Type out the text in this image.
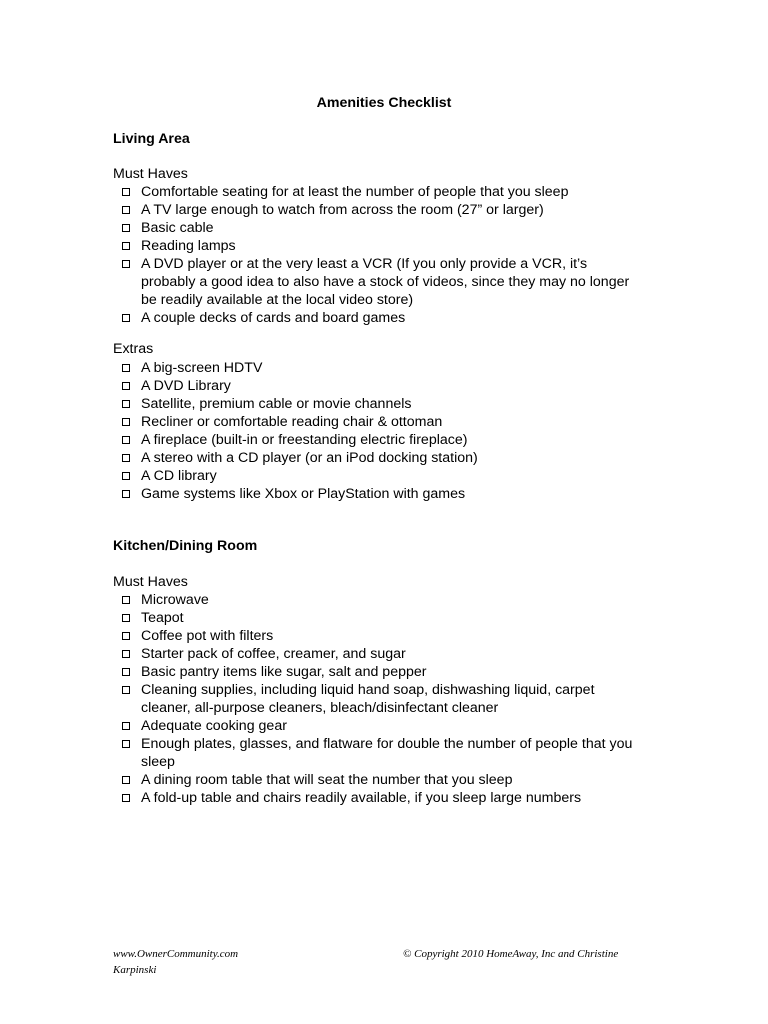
Amenities Checklist
Living Area
Must Haves
Comfortable seating for at least the number of people that you sleep
A TV large enough to watch from across the room (27” or larger)
Basic cable
Reading lamps
A DVD player or at the very least a VCR (If you only provide a VCR, it’s probably a good idea to also have a stock of videos, since they may no longer be readily available at the local video store)
A couple decks of cards and board games
Extras
A big-screen HDTV
A DVD Library
Satellite, premium cable or movie channels
Recliner or comfortable reading chair & ottoman
A fireplace (built-in or freestanding electric fireplace)
A stereo with a CD player (or an iPod docking station)
A CD library
Game systems like Xbox or PlayStation with games
Kitchen/Dining Room
Must Haves
Microwave
Teapot
Coffee pot with filters
Starter pack of coffee, creamer, and sugar
Basic pantry items like sugar, salt and pepper
Cleaning supplies, including liquid hand soap, dishwashing liquid, carpet cleaner, all-purpose cleaners, bleach/disinfectant cleaner
Adequate cooking gear
Enough plates, glasses, and flatware for double the number of people that you sleep
A dining room table that will seat the number that you sleep
A fold-up table and chairs readily available, if you sleep large numbers
www.OwnerCommunity.com	© Copyright 2010 HomeAway, Inc and Christine
Karpinski
